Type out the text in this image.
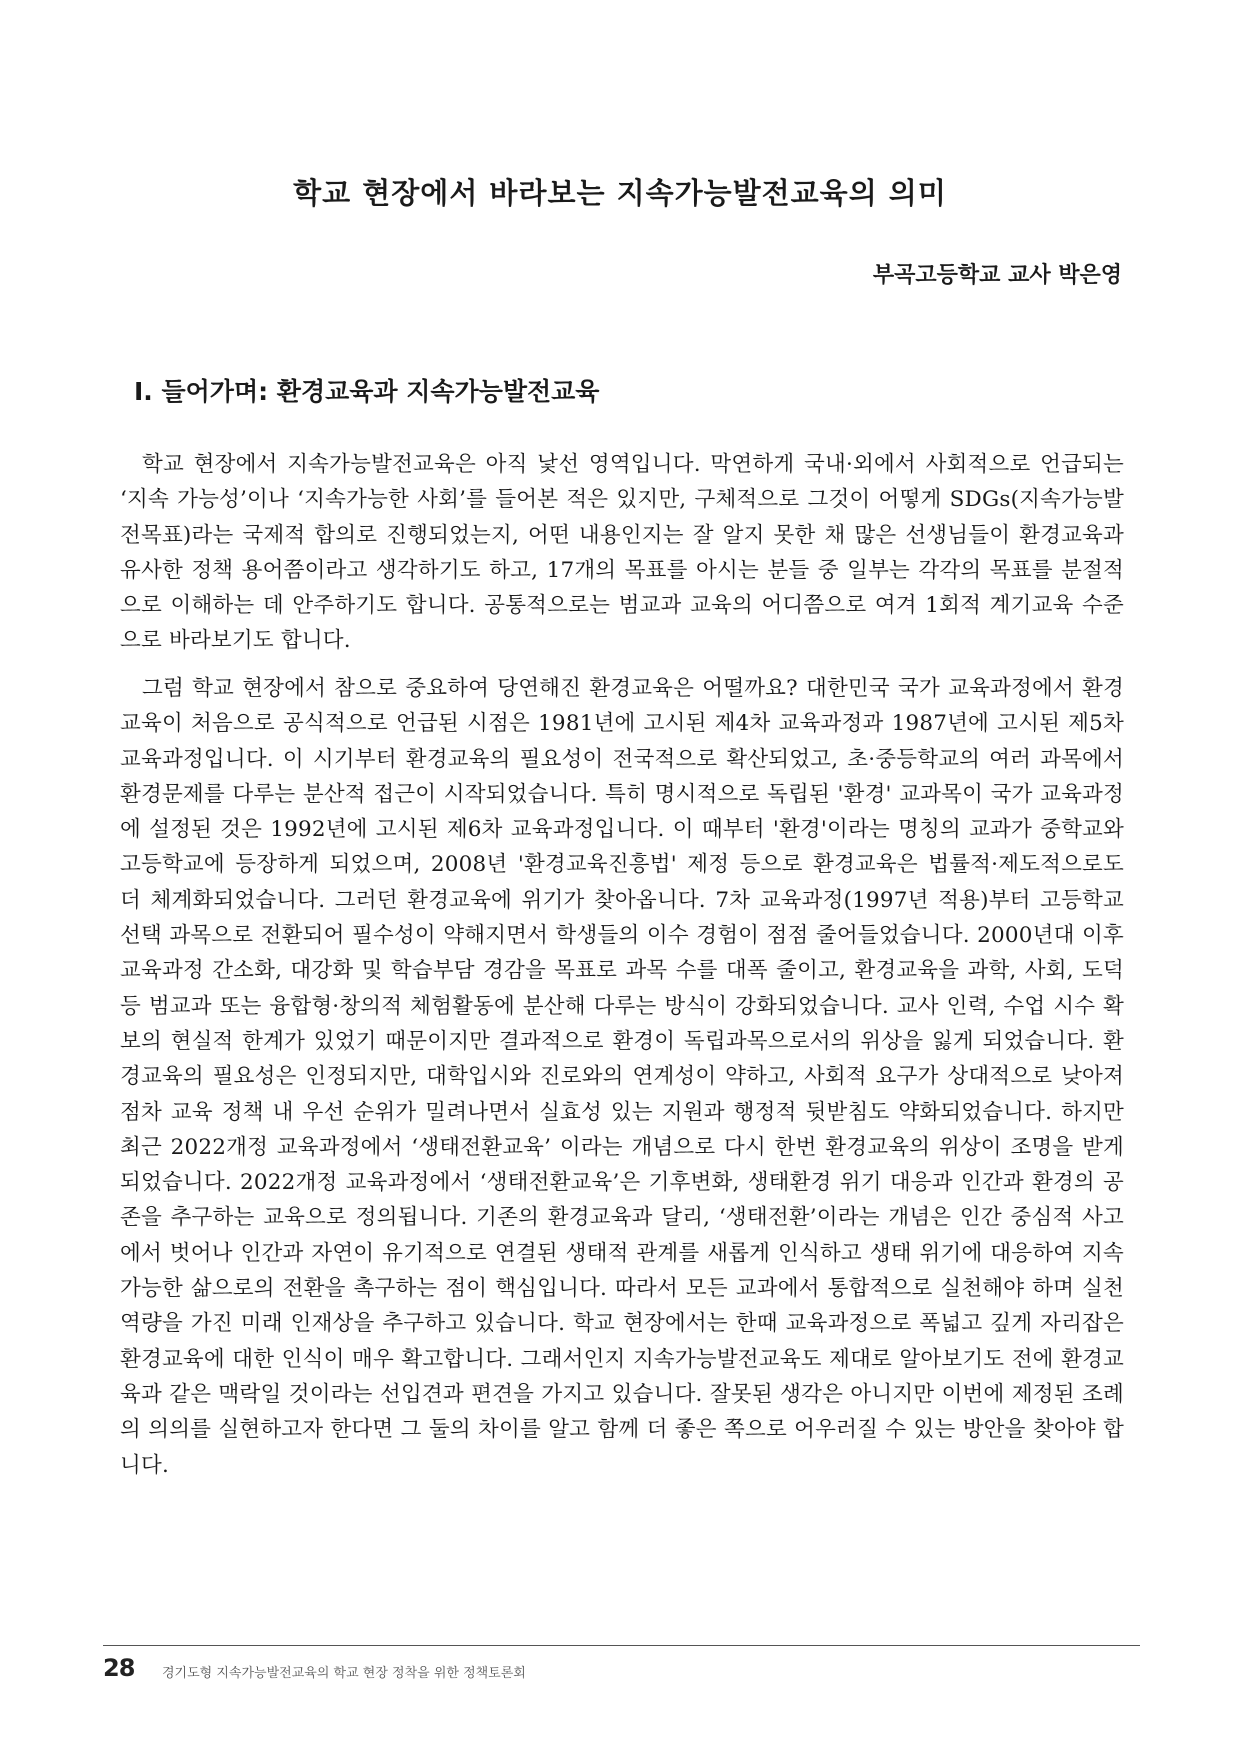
학교 현장에서 바라보는 지속가능발전교육의 의미

부곡고등학교 교사 박은영

Ⅰ. 들어가며: 환경교육과 지속가능발전교육

학교 현장에서 지속가능발전교육은 아직 낯선 영역입니다. 막연하게 국내·외에서 사회적으로 언급되는 ‘지속 가능성’이나 ‘지속가능한 사회’를 들어본 적은 있지만, 구체적으로 그것이 어떻게 SDGs(지속가능발전목표)라는 국제적 합의로 진행되었는지, 어떤 내용인지는 잘 알지 못한 채 많은 선생님들이 환경교육과 유사한 정책 용어쯤이라고 생각하기도 하고, 17개의 목표를 아시는 분들 중 일부는 각각의 목표를 분절적으로 이해하는 데 안주하기도 합니다. 공통적으로는 범교과 교육의 어디쯤으로 여겨 1회적 계기교육 수준으로 바라보기도 합니다.

그럼 학교 현장에서 참으로 중요하여 당연해진 환경교육은 어떨까요? 대한민국 국가 교육과정에서 환경교육이 처음으로 공식적으로 언급된 시점은 1981년에 고시된 제4차 교육과정과 1987년에 고시된 제5차 교육과정입니다. 이 시기부터 환경교육의 필요성이 전국적으로 확산되었고, 초·중등학교의 여러 과목에서 환경문제를 다루는 분산적 접근이 시작되었습니다. 특히 명시적으로 독립된 '환경' 교과목이 국가 교육과정에 설정된 것은 1992년에 고시된 제6차 교육과정입니다. 이 때부터 '환경'이라는 명칭의 교과가 중학교와 고등학교에 등장하게 되었으며, 2008년 '환경교육진흥법' 제정 등으로 환경교육은 법률적·제도적으로도 더 체계화되었습니다. 그러던 환경교육에 위기가 찾아옵니다. 7차 교육과정(1997년 적용)부터 고등학교 선택 과목으로 전환되어 필수성이 약해지면서 학생들의 이수 경험이 점점 줄어들었습니다. 2000년대 이후 교육과정 간소화, 대강화 및 학습부담 경감을 목표로 과목 수를 대폭 줄이고, 환경교육을 과학, 사회, 도덕 등 범교과 또는 융합형·창의적 체험활동에 분산해 다루는 방식이 강화되었습니다. 교사 인력, 수업 시수 확보의 현실적 한계가 있었기 때문이지만 결과적으로 환경이 독립과목으로서의 위상을 잃게 되었습니다. 환경교육의 필요성은 인정되지만, 대학입시와 진로와의 연계성이 약하고, 사회적 요구가 상대적으로 낮아져 점차 교육 정책 내 우선 순위가 밀려나면서 실효성 있는 지원과 행정적 뒷받침도 약화되었습니다. 하지만 최근 2022개정 교육과정에서 ‘생태전환교육’ 이라는 개념으로 다시 한번 환경교육의 위상이 조명을 받게 되었습니다. 2022개정 교육과정에서 ‘생태전환교육’은 기후변화, 생태환경 위기 대응과 인간과 환경의 공존을 추구하는 교육으로 정의됩니다. 기존의 환경교육과 달리, ‘생태전환’이라는 개념은 인간 중심적 사고에서 벗어나 인간과 자연이 유기적으로 연결된 생태적 관계를 새롭게 인식하고 생태 위기에 대응하여 지속가능한 삶으로의 전환을 촉구하는 점이 핵심입니다. 따라서 모든 교과에서 통합적으로 실천해야 하며 실천 역량을 가진 미래 인재상을 추구하고 있습니다. 학교 현장에서는 한때 교육과정으로 폭넓고 깊게 자리잡은 환경교육에 대한 인식이 매우 확고합니다. 그래서인지 지속가능발전교육도 제대로 알아보기도 전에 환경교육과 같은 맥락일 것이라는 선입견과 편견을 가지고 있습니다. 잘못된 생각은 아니지만 이번에 제정된 조례의 의의를 실현하고자 한다면 그 둘의 차이를 알고 함께 더 좋은 쪽으로 어우러질 수 있는 방안을 찾아야 합니다.

28 경기도형 지속가능발전교육의 학교 현장 정착을 위한 정책토론회
